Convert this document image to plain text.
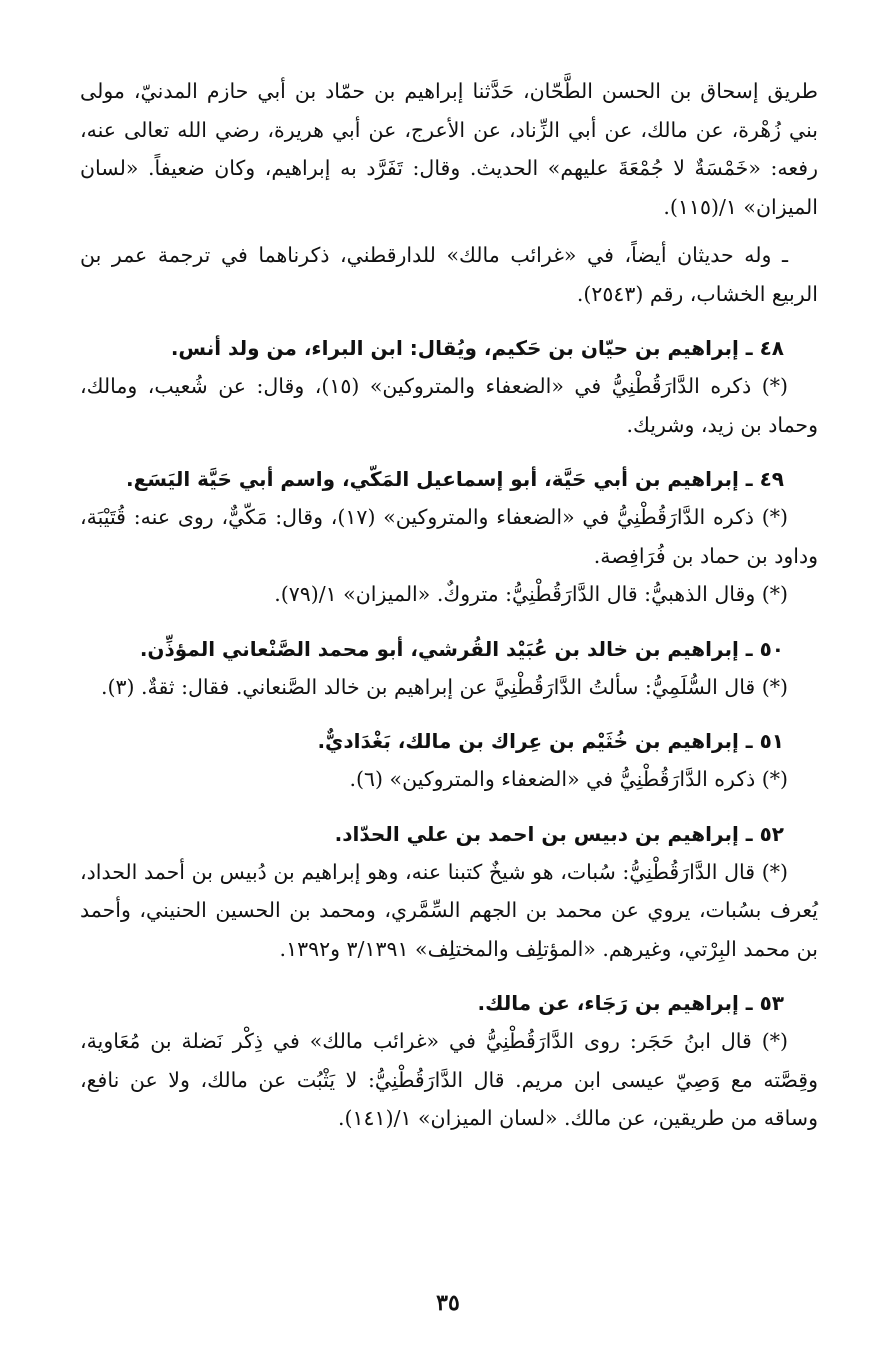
طريق إسحاق بن الحسن الطَّحّان، حَدَّثنا إبراهيم بن حمّاد بن أبي حازم المدنيّ، مولى بني زُهْرة، عن مالك، عن أبي الزِّناد، عن الأعرج، عن أبي هريرة، رضي الله تعالى عنه، رفعه: «خَمْسَةٌ لا جُمْعَةَ عليهم» الحديث. وقال: تَفَرَّد به إبراهيم، وكان ضعيفاً. «لسان الميزان» ١/(١١٥).

ـ وله حديثان أيضاً، في «غرائب مالك» للدارقطني، ذكرناهما في ترجمة عمر بن الربيع الخشاب، رقم (٢٥٤٣).

٤٨ ـ إبراهيم بن حيّان بن حَكيم، ويُقال: ابن البراء، من ولد أنس.

(*) ذكره الدَّارَقُطْنِيُّ في «الضعفاء والمتروكين» (١٥)، وقال: عن شُعيب، ومالك، وحماد بن زيد، وشريك.

٤٩ ـ إبراهيم بن أبي حَيَّة، أبو إسماعيل المَكّي، واسم أبي حَيَّة اليَسَع.

(*) ذكره الدَّارَقُطْنِيُّ في «الضعفاء والمتروكين» (١٧)، وقال: مَكّيٌّ، روى عنه: قُتَيْبَة، وداود بن حماد بن فُرَافِصة.

(*) وقال الذهبيُّ: قال الدَّارَقُطْنِيُّ: متروكٌ. «الميزان» ١/(٧٩).

٥٠ ـ إبراهيم بن خالد بن عُبَيْد القُرشي، أبو محمد الصَّنْعاني المؤذِّن.

(*) قال السُّلَمِيُّ: سألتُ الدَّارَقُطْنِيَّ عن إبراهيم بن خالد الصَّنعاني. فقال: ثقةٌ. (٣).

٥١ ـ إبراهيم بن خُثَيْم بن عِراك بن مالك، بَغْدَاديٌّ.

(*) ذكره الدَّارَقُطْنِيُّ في «الضعفاء والمتروكين» (٦).

٥٢ ـ إبراهيم بن دبيس بن احمد بن علي الحدّاد.

(*) قال الدَّارَقُطْنِيُّ: سُبات، هو شيخٌ كتبنا عنه، وهو إبراهيم بن دُبيس بن أحمد الحداد، يُعرف بسُبات، يروي عن محمد بن الجهم السِّمَّري، ومحمد بن الحسين الحنيني، وأحمد بن محمد البِرْتي، وغيرهم. «المؤتلِف والمختلِف» ٣/١٣٩١ و١٣٩٢.

٥٣ ـ إبراهيم بن رَجَاء، عن مالك.

(*) قال ابنُ حَجَر: روى الدَّارَقُطْنِيُّ في «غرائب مالك» في ذِكْر نَضلة بن مُعَاوية، وقِصَّته مع وَصِيّ عيسى ابن مريم. قال الدَّارَقُطْنِيُّ: لا يَثْبُت عن مالك، ولا عن نافع، وساقه من طريقين، عن مالك. «لسان الميزان» ١/(١٤١).

٣٥
